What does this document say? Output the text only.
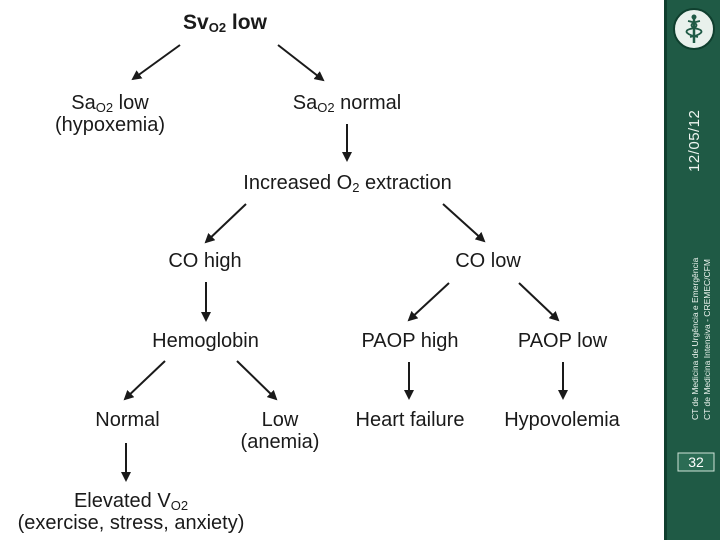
$Sv_{O2}$ low
$Sa_{O2}$ low
(hypoxemia)
$Sa_{O2}$ normal
Increased $O_2$ extraction
CO high	CO low
Hemoglobin	PAOP high	PAOP low
Normal	Low
(anemia)
Heart failure	Hypovolemia
Elevated $V_{O2}$
(exercise, stress, anxiety)
12/05/12
CT de Medicina de Urgência e Emergência CT de Medicina Intensiva - CREMEC/CFM
32
